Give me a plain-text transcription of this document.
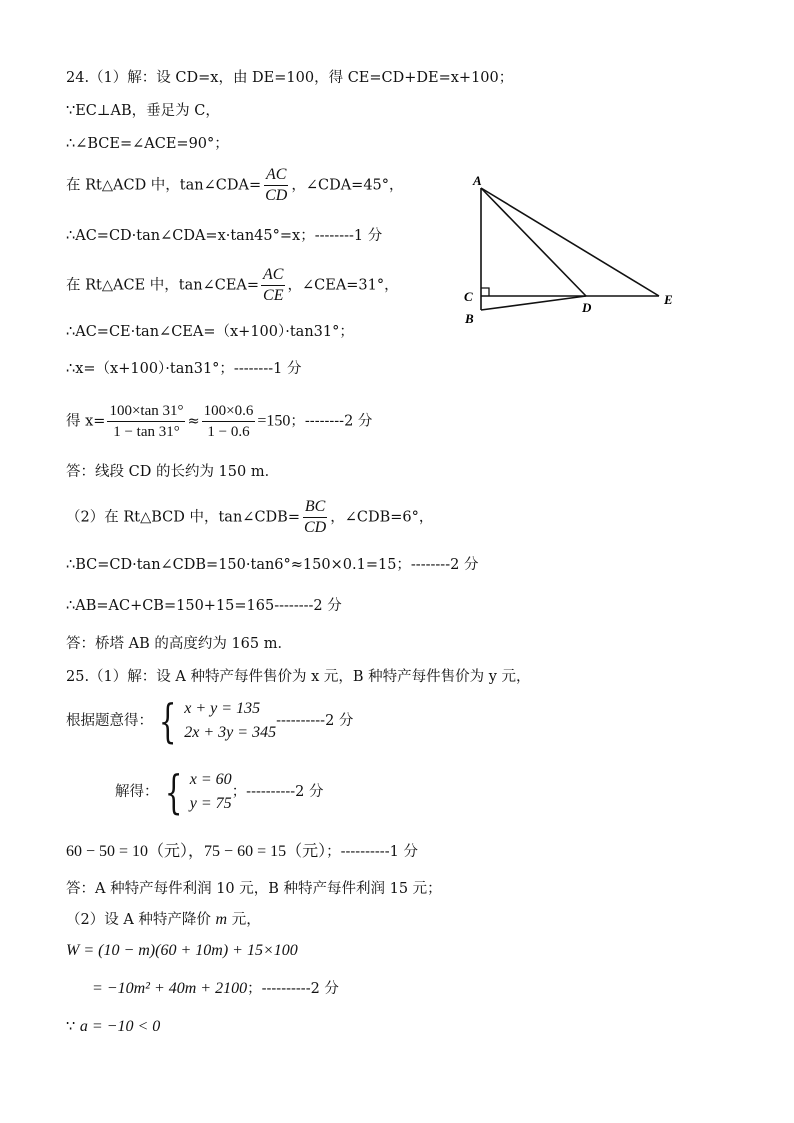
24.（1）解：设 CD=x，由 DE=100，得 CE=CD+DE=x+100；
∵EC⊥AB，垂足为 C，
∴∠BCE=∠ACE=90°；
在 Rt△ACD 中，tan∠CDA= $\frac{AC}{CD}$ ，∠CDA=45°，
∴AC=CD·tan∠CDA=x·tan45°=x；--------1 分
在 Rt△ACE 中，tan∠CEA= $\frac{AC}{CE}$ ，∠CEA=31°，
∴AC=CE·tan∠CEA=（x+100）·tan31°；
∴x=（x+100）·tan31°；--------1 分
得 $x= \frac{100\times\tan 31^\circ}{1 - \tan 31^\circ} \approx \frac{100\times 0.6}{1 - 0.6} =150$；--------2 分
答：线段 CD 的长约为 150 m．
（2）在 Rt△BCD 中，tan∠CDB= $\frac{BC}{CD}$ ，∠CDB=6°，
∴BC=CD·tan∠CDB=150·tan6°≈150×0.1=15；--------2 分
∴AB=AC+CB=150+15=165--------2 分
答：桥塔 AB 的高度约为 165 m．
25.（1）解：设 A 种特产每件售价为 x 元，B 种特产每件售价为 y 元，
根据题意得： { x + y = 135
2x + 3y = 345
----------2 分
解得： { x = 60
y = 75
；----------2 分
60 − 50 = 10（元），75 − 60 = 15（元）；----------1 分
答：A 种特产每件利润 10 元，B 种特产每件利润 15 元；
（2）设 A 种特产降价 m 元，
W = (10 − m)(60 + 10m) + 15×100
= −10m² + 40m + 2100；----------2 分
∵ a = −10 < 0
A
C
B
D
E
